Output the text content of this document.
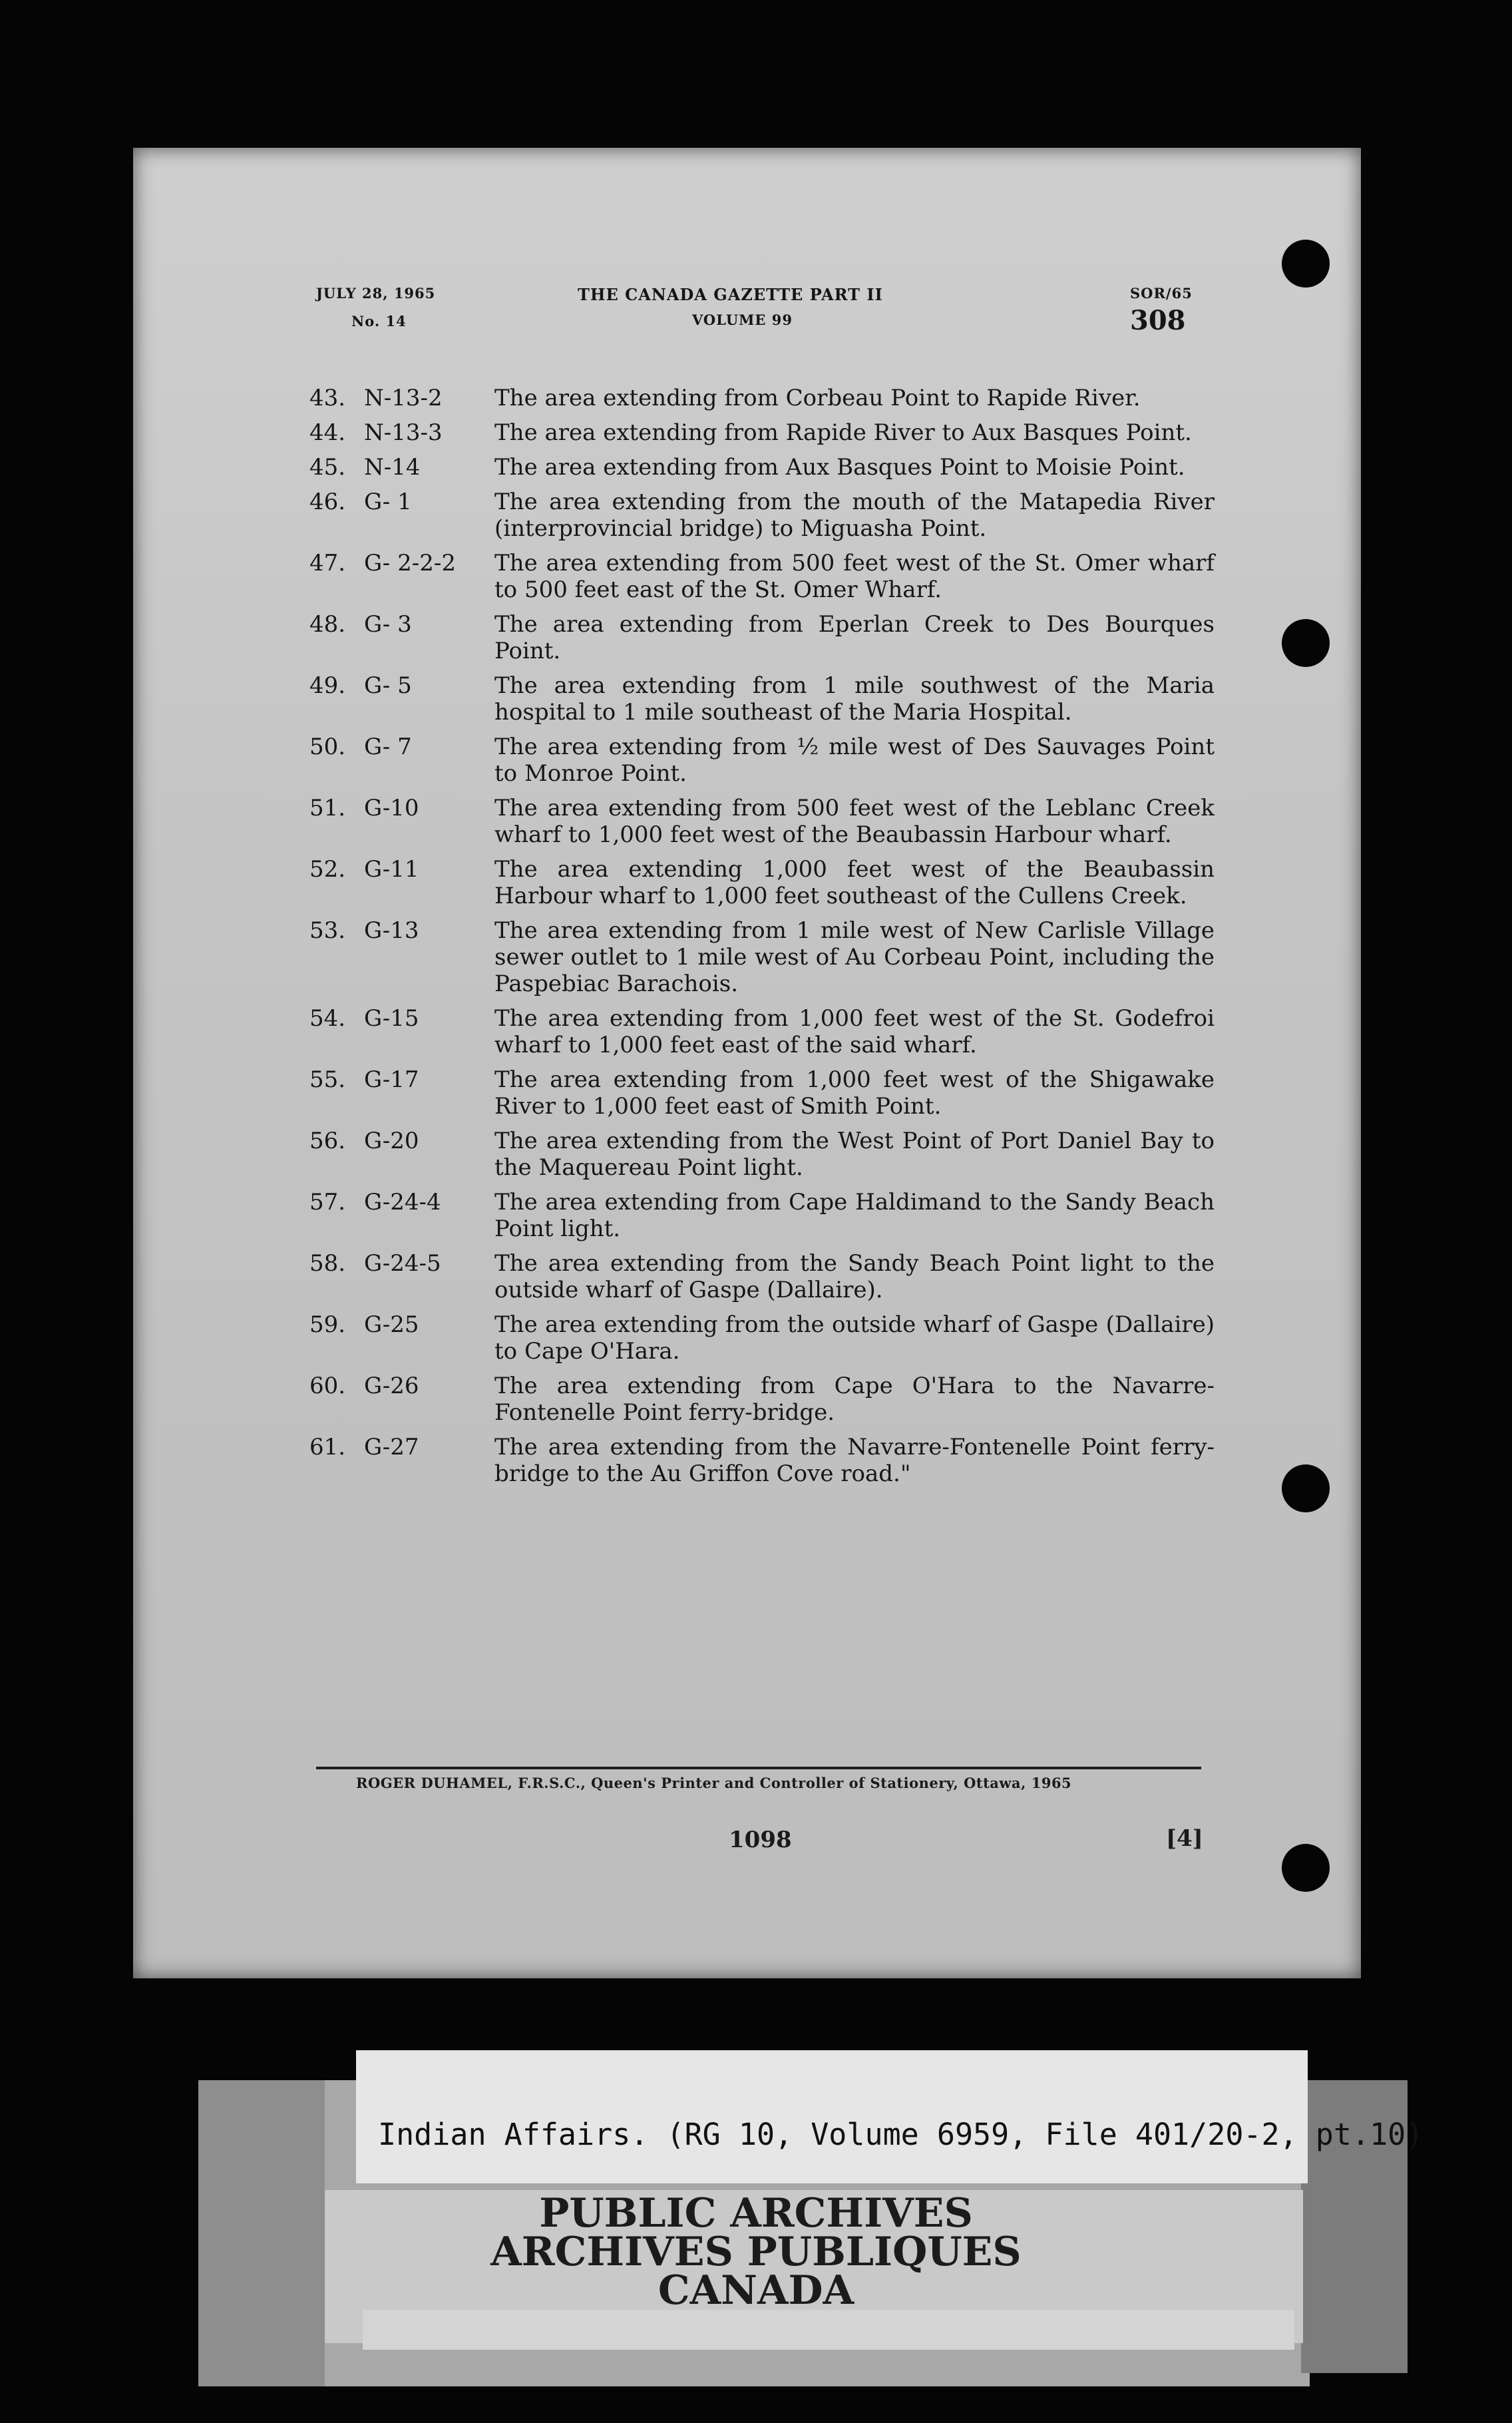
JULY 28, 1965
No. 14
THE CANADA GAZETTE PART II
VOLUME 99
SOR/65
308
43. N-13-2	The area extending from Corbeau Point to Rapide River.
44. N-13-3	The area extending from Rapide River to Aux Basques Point.
45. N-14	The area extending from Aux Basques Point to Moisie Point.
46. G- 1	The area extending from the mouth of the Matapedia River (interprovincial bridge) to Miguasha Point.
47. G- 2-2-2	The area extending from 500 feet west of the St. Omer wharf to 500 feet east of the St. Omer Wharf.
48. G- 3	The area extending from Eperlan Creek to Des Bourques Point.
49. G- 5	The area extending from 1 mile southwest of the Maria hospital to 1 mile southeast of the Maria Hospital.
50. G- 7	The area extending from ½ mile west of Des Sauvages Point to Monroe Point.
51. G-10	The area extending from 500 feet west of the Leblanc Creek wharf to 1,000 feet west of the Beaubassin Harbour wharf.
52. G-11	The area extending 1,000 feet west of the Beaubassin Harbour wharf to 1,000 feet southeast of the Cullens Creek.
53. G-13	The area extending from 1 mile west of New Carlisle Village sewer outlet to 1 mile west of Au Corbeau Point, including the Paspebiac Barachois.
54. G-15	The area extending from 1,000 feet west of the St. Godefroi wharf to 1,000 feet east of the said wharf.
55. G-17	The area extending from 1,000 feet west of the Shigawake River to 1,000 feet east of Smith Point.
56. G-20	The area extending from the West Point of Port Daniel Bay to the Maquereau Point light.
57. G-24-4	The area extending from Cape Haldimand to the Sandy Beach Point light.
58. G-24-5	The area extending from the Sandy Beach Point light to the outside wharf of Gaspe (Dallaire).
59. G-25	The area extending from the outside wharf of Gaspe (Dallaire) to Cape O'Hara.
60. G-26	The area extending from Cape O'Hara to the Navarre-Fontenelle Point ferry-bridge.
61. G-27	The area extending from the Navarre-Fontenelle Point ferry-bridge to the Au Griffon Cove road."
ROGER DUHAMEL, F.R.S.C., Queen's Printer and Controller of Stationery, Ottawa, 1965
1098	[4]
Indian Affairs. (RG 10, Volume 6959, File 401/20-2, pt.10)
PUBLIC ARCHIVES
ARCHIVES PUBLIQUES
CANADA
